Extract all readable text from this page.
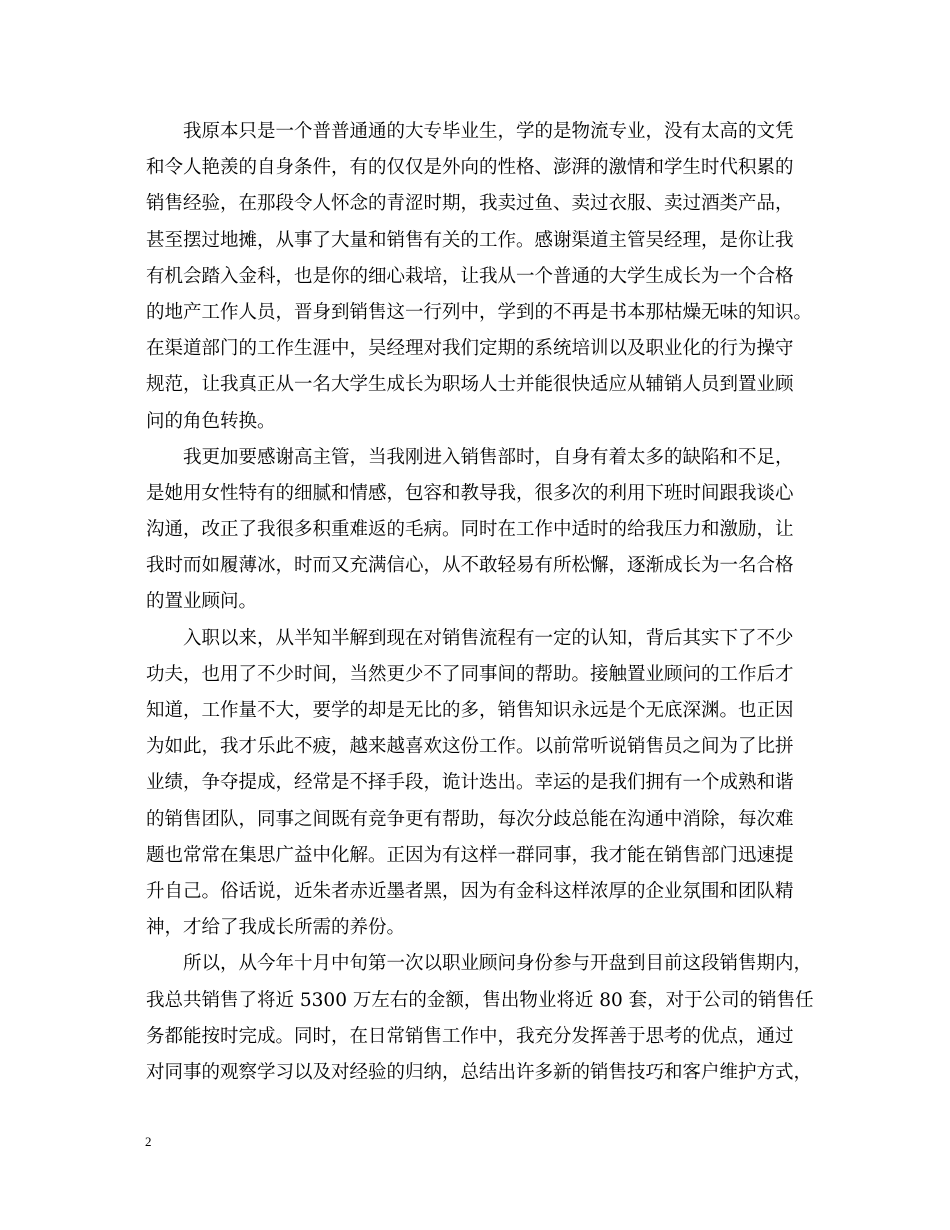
我原本只是一个普普通通的大专毕业生，学的是物流专业，没有太高的文凭
和令人艳羡的自身条件，有的仅仅是外向的性格、澎湃的激情和学生时代积累的
销售经验，在那段令人怀念的青涩时期，我卖过鱼、卖过衣服、卖过酒类产品，
甚至摆过地摊，从事了大量和销售有关的工作。感谢渠道主管吴经理，是你让我
有机会踏入金科，也是你的细心栽培，让我从一个普通的大学生成长为一个合格
的地产工作人员，晋身到销售这一行列中，学到的不再是书本那枯燥无味的知识。
在渠道部门的工作生涯中，吴经理对我们定期的系统培训以及职业化的行为操守
规范，让我真正从一名大学生成长为职场人士并能很快适应从辅销人员到置业顾
问的角色转换。
我更加要感谢高主管，当我刚进入销售部时，自身有着太多的缺陷和不足，
是她用女性特有的细腻和情感，包容和教导我，很多次的利用下班时间跟我谈心
沟通，改正了我很多积重难返的毛病。同时在工作中适时的给我压力和激励，让
我时而如履薄冰，时而又充满信心，从不敢轻易有所松懈，逐渐成长为一名合格
的置业顾问。
入职以来，从半知半解到现在对销售流程有一定的认知，背后其实下了不少
功夫，也用了不少时间，当然更少不了同事间的帮助。接触置业顾问的工作后才
知道，工作量不大，要学的却是无比的多，销售知识永远是个无底深渊。也正因
为如此，我才乐此不疲，越来越喜欢这份工作。以前常听说销售员之间为了比拼
业绩，争夺提成，经常是不择手段，诡计迭出。幸运的是我们拥有一个成熟和谐
的销售团队，同事之间既有竞争更有帮助，每次分歧总能在沟通中消除，每次难
题也常常在集思广益中化解。正因为有这样一群同事，我才能在销售部门迅速提
升自己。俗话说，近朱者赤近墨者黑，因为有金科这样浓厚的企业氛围和团队精
神，才给了我成长所需的养份。
所以，从今年十月中旬第一次以职业顾问身份参与开盘到目前这段销售期内，
我总共销售了将近 5300 万左右的金额，售出物业将近 80 套，对于公司的销售任
务都能按时完成。同时，在日常销售工作中，我充分发挥善于思考的优点，通过
对同事的观察学习以及对经验的归纳，总结出许多新的销售技巧和客户维护方式，
2
